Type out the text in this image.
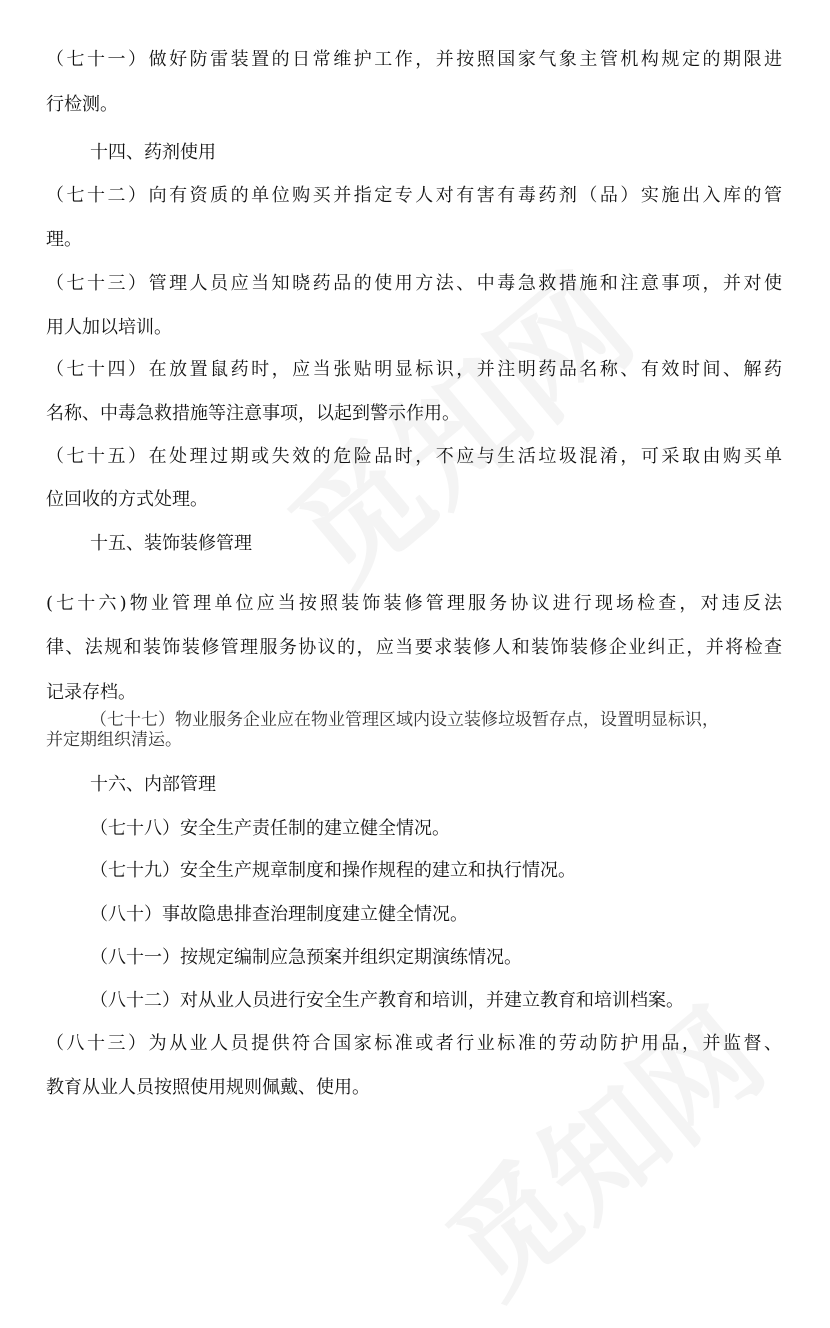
（七十一）做好防雷装置的日常维护工作，并按照国家气象主管机构规定的期限进
行检测。
十四、药剂使用
（七十二）向有资质的单位购买并指定专人对有害有毒药剂（品）实施出入库的管
理。
（七十三）管理人员应当知晓药品的使用方法、中毒急救措施和注意事项，并对使
用人加以培训。
（七十四）在放置鼠药时，应当张贴明显标识，并注明药品名称、有效时间、解药
名称、中毒急救措施等注意事项，以起到警示作用。
（七十五）在处理过期或失效的危险品时，不应与生活垃圾混淆，可采取由购买单
位回收的方式处理。
十五、装饰装修管理
(七十六)物业管理单位应当按照装饰装修管理服务协议进行现场检查，对违反法
律、法规和装饰装修管理服务协议的，应当要求装修人和装饰装修企业纠正，并将检查
记录存档。
（七十七）物业服务企业应在物业管理区域内设立装修垃圾暂存点，设置明显标识，
并定期组织清运。
十六、内部管理
（七十八）安全生产责任制的建立健全情况。
（七十九）安全生产规章制度和操作规程的建立和执行情况。
（八十）事故隐患排查治理制度建立健全情况。
（八十一）按规定编制应急预案并组织定期演练情况。
（八十二）对从业人员进行安全生产教育和培训，并建立教育和培训档案。
（八十三）为从业人员提供符合国家标准或者行业标准的劳动防护用品，并监督、
教育从业人员按照使用规则佩戴、使用。
